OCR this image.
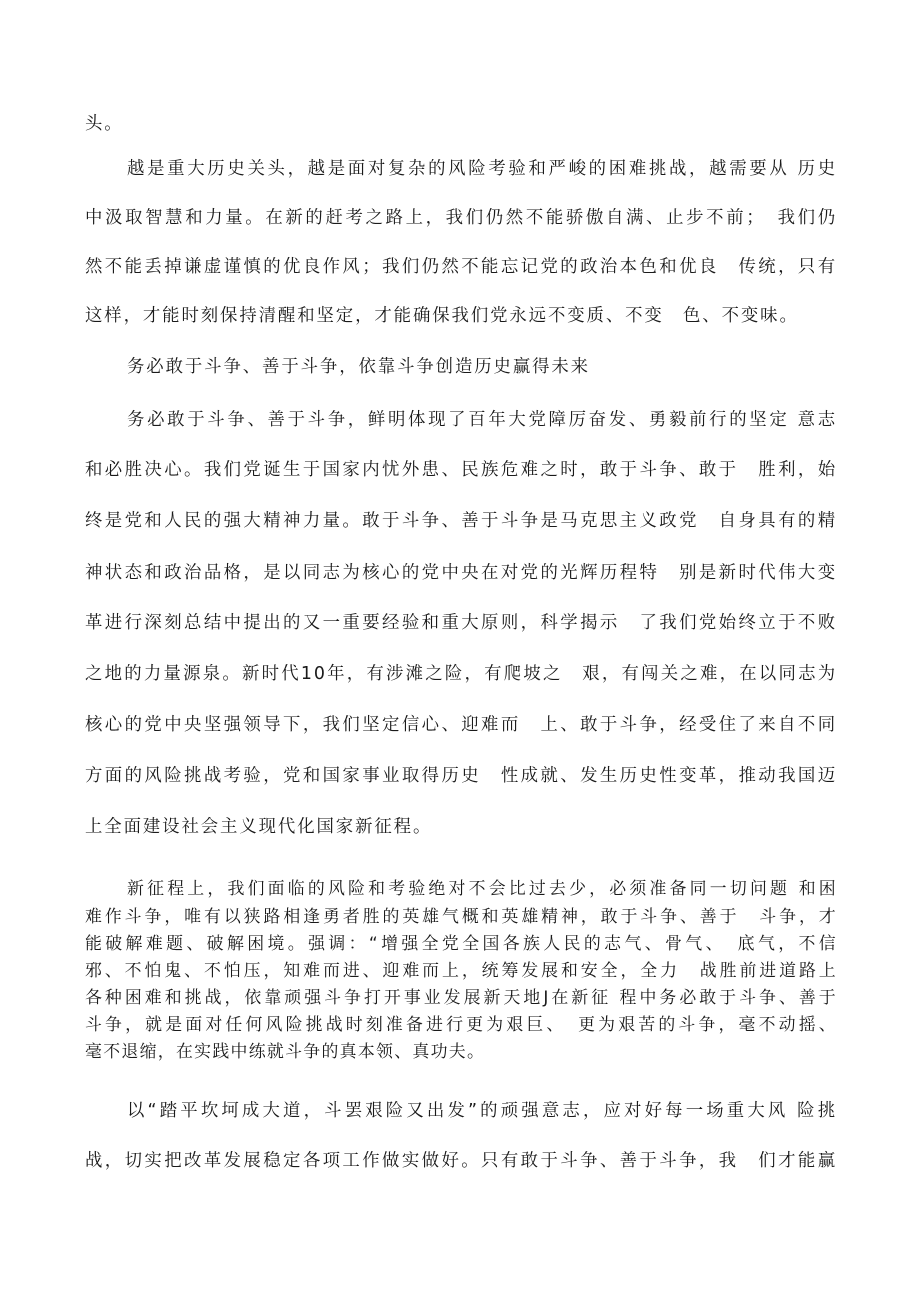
头。
越是重大历史关头，越是面对复杂的风险考验和严峻的困难挑战，越需要从 历史
中汲取智慧和力量。在新的赶考之路上，我们仍然不能骄傲自满、止步不前；　我们仍
然不能丢掉谦虚谨慎的优良作风；我们仍然不能忘记党的政治本色和优良　传统，只有
这样，才能时刻保持清醒和坚定，才能确保我们党永远不变质、不变　色、不变味。
务必敢于斗争、善于斗争，依靠斗争创造历史赢得未来
务必敢于斗争、善于斗争，鲜明体现了百年大党障厉奋发、勇毅前行的坚定 意志
和必胜决心。我们党诞生于国家内忧外患、民族危难之时，敢于斗争、敢于　胜利，始
终是党和人民的强大精神力量。敢于斗争、善于斗争是马克思主义政党　自身具有的精
神状态和政治品格，是以同志为核心的党中央在对党的光辉历程特　别是新时代伟大变
革进行深刻总结中提出的又一重要经验和重大原则，科学揭示　了我们党始终立于不败
之地的力量源泉。新时代10年，有涉滩之险，有爬坡之　艰，有闯关之难，在以同志为
核心的党中央坚强领导下，我们坚定信心、迎难而　上、敢于斗争，经受住了来自不同
方面的风险挑战考验，党和国家事业取得历史　性成就、发生历史性变革，推动我国迈
上全面建设社会主义现代化国家新征程。
新征程上，我们面临的风险和考验绝对不会比过去少，必须准备同一切问题 和困
难作斗争，唯有以狭路相逢勇者胜的英雄气概和英雄精神，敢于斗争、善于　斗争，才
能破解难题、破解困境。强调：“增强全党全国各族人民的志气、骨气、　底气，不信
邪、不怕鬼、不怕压，知难而进、迎难而上，统筹发展和安全，全力　战胜前进道路上
各种困难和挑战，依靠顽强斗争打开事业发展新天地J在新征 程中务必敢于斗争、善于
斗争，就是面对任何风险挑战时刻准备进行更为艰巨、　更为艰苦的斗争，毫不动摇、
毫不退缩，在实践中练就斗争的真本领、真功夫。
以“踏平坎坷成大道，斗罢艰险又出发”的顽强意志，应对好每一场重大风 险挑
战，切实把改革发展稳定各项工作做实做好。只有敢于斗争、善于斗争，我　们才能赢
